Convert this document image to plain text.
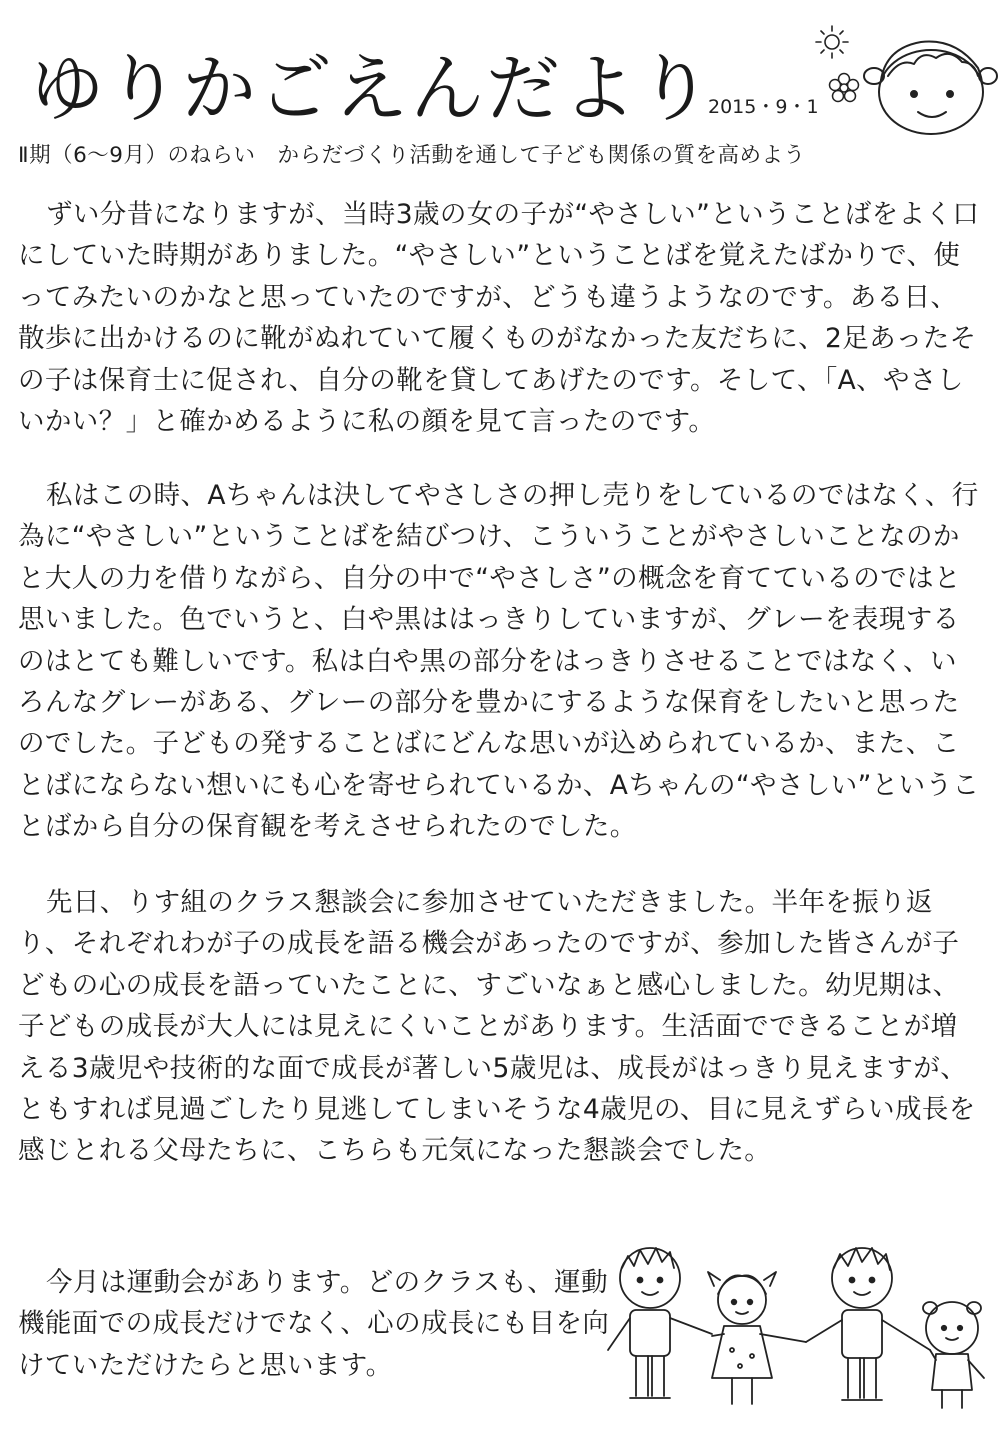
ゆりかごえんだより
2015・9・1
Ⅱ期（6～9月）のねらい　からだづくり活動を通して子ども関係の質を高めよう

ずい分昔になりますが、当時3歳の女の子が“やさしい”ということばをよく口にしていた時期がありました。“やさしい”ということばを覚えたばかりで、使ってみたいのかなと思っていたのですが、どうも違うようなのです。ある日、散歩に出かけるのに靴がぬれていて履くものがなかった友だちに、2足あったその子は保育士に促され、自分の靴を貸してあげたのです。そして、「A、やさしいかい？」と確かめるように私の顔を見て言ったのです。

私はこの時、Aちゃんは決してやさしさの押し売りをしているのではなく、行為に“やさしい”ということばを結びつけ、こういうことがやさしいことなのかと大人の力を借りながら、自分の中で“やさしさ”の概念を育てているのではと思いました。色でいうと、白や黒ははっきりしていますが、グレーを表現するのはとても難しいです。私は白や黒の部分をはっきりさせることではなく、いろんなグレーがある、グレーの部分を豊かにするような保育をしたいと思ったのでした。子どもの発することばにどんな思いが込められているか、また、ことばにならない想いにも心を寄せられているか、Aちゃんの“やさしい”ということばから自分の保育観を考えさせられたのでした。

先日、りす組のクラス懇談会に参加させていただきました。半年を振り返り、それぞれわが子の成長を語る機会があったのですが、参加した皆さんが子どもの心の成長を語っていたことに、すごいなぁと感心しました。幼児期は、子どもの成長が大人には見えにくいことがあります。生活面でできることが増える3歳児や技術的な面で成長が著しい5歳児は、成長がはっきり見えますが、ともすれば見過ごしたり見逃してしまいそうな4歳児の、目に見えずらい成長を感じとれる父母たちに、こちらも元気になった懇談会でした。

今月は運動会があります。どのクラスも、運動機能面での成長だけでなく、心の成長にも目を向けていただけたらと思います。
